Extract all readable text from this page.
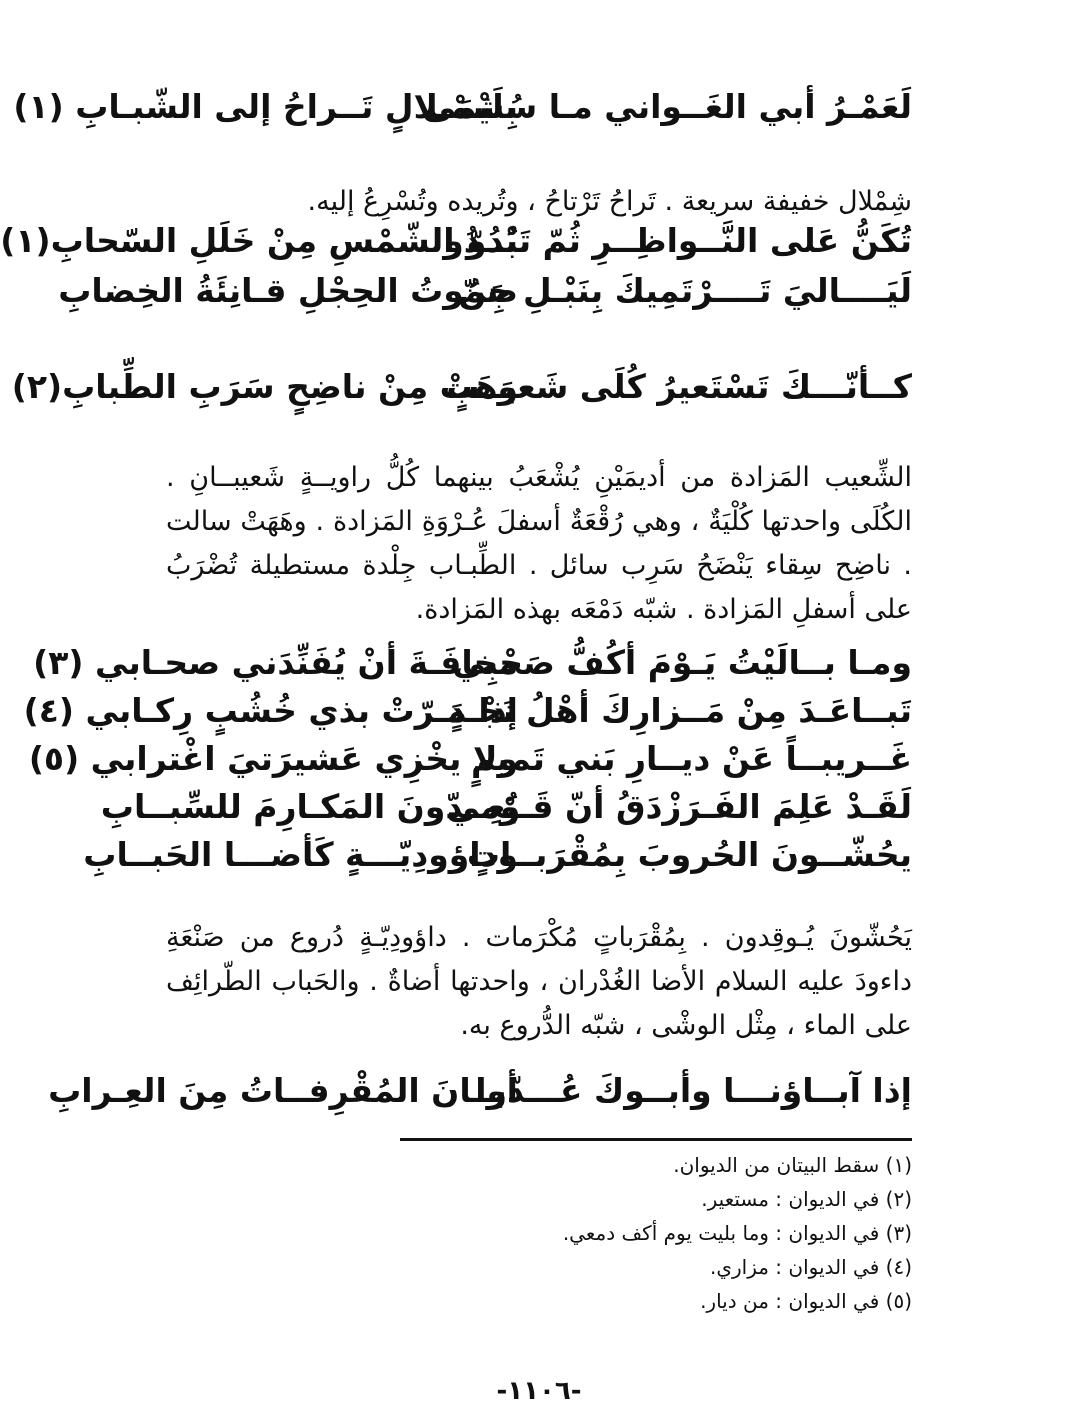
لَعَمْـرُ أبي الغَــواني مـا سُلَيْمَى
بِشمْـلالٍ تَــراحُ إلى الشّبـابِ (١)
شِمْلال خفيفة سريعة . تَراحُ تَرْتاحُ ، وتُريده وتُسْرِعُ إليه.
تُكَنُّ عَلى النَّــواظِــرِ ثُمّ تَبْــدُو
بُدُوّ الشّمْسِ مِنْ خَلَلِ السّحابِ(١)
لَيَــــاليَ تَــــرْتَمِيكَ بِنَبْـلِ جِنّ
صَمُوتُ الحِجْلِ قـانِئَةُ الخِضابِ
كــأنّـــكَ تَسْتَعيرُ كُلَى شَعيــبٍ
وَهَتْ مِنْ ناضِحٍ سَرَبِ الطِّبابِ(٢)
الشِّعيب المَزادة من أديمَيْنِ يُشْعَبُ بينهما كُلُّ راويــةٍ شَعيبــانِ . الكُلَى واحدتها كُلْيَةٌ ، وهي رُقْعَةٌ أسفلَ عُـرْوَةِ المَزادة . وهَهَتْ سالت . ناضِح سِقاء يَنْضَحُ سَرِب سائل . الطِّبـاب جِلْدة مستطيلة تُضْرَبُ على أسفلِ المَزادة . شبّه دَمْعَه بهذه المَزادة.
ومـا بــالَيْتُ يَـوْمَ أكُفُّ صَحْبِي
مخافَـةَ أنْ يُفَنِّدَني صحـابي (٣)
تَبــاعَـدَ مِنْ مَــزارِكَ أهْلُ نَجْـدٍ
إذا مَـرّتْ بذي خُشُبٍ رِكـابي (٤)
غَــريبــاً عَنْ ديــارِ بَني تَميمٍ
ولا يخْزِي عَشيرَتيَ اغْترابي (٥)
لَقَـدْ عَلِمَ الفَـرَزْدَقُ أنّ قَـوْمي
يُعِــدّونَ المَكـارِمَ للسِّبــابِ
يحُشّــونَ الحُروبَ بِمُقْرَبــاتٍ
وداؤودِيّـــةٍ كَأضـــا الحَبــابِ
يَحُشّونَ يُـوقِدون . بِمُقْرَباتٍ مُكْرَمات . داؤودِيّـةٍ دُروع من صَنْعَةِ داءودَ عليه السلام الأضا الغُدْران ، واحدتها أضاةٌ . والحَباب الطّرائِف على الماء ، مِثْل الوشْى ، شبّه الدُّروع به.
إذا آبــاؤنـــا وأبــوكَ عُـــدّوا
أبــانَ المُقْرِفــاتُ مِنَ العِـرابِ
(١) سقط البيتان من الديوان.
(٢) في الديوان : مستعير.
(٣) في الديوان : وما بليت يوم أكف دمعي.
(٤) في الديوان : مزاري.
(٥) في الديوان : من ديار.
-١١٠٦-
